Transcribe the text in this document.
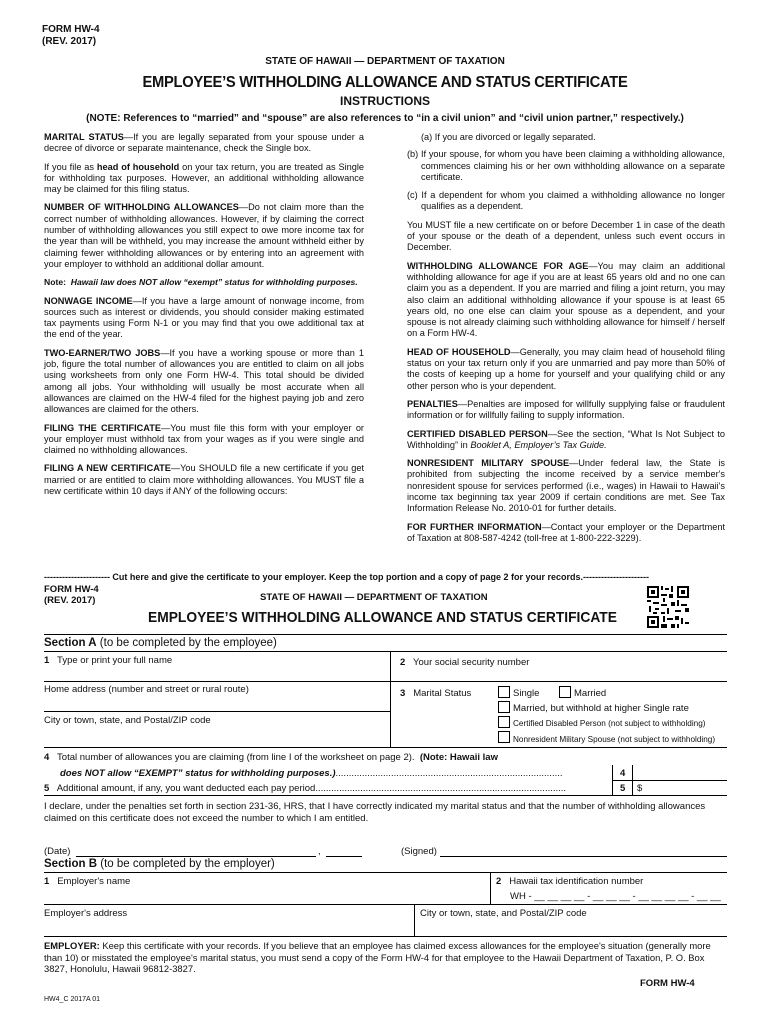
FORM HW-4
(REV. 2017)
STATE OF HAWAII — DEPARTMENT OF TAXATION
EMPLOYEE’S WITHHOLDING ALLOWANCE AND STATUS CERTIFICATE
INSTRUCTIONS
(NOTE: References to “married” and “spouse” are also references to “in a civil union” and “civil union partner,” respectively.)

MARITAL STATUS—If you are legally separated from your spouse under a decree of divorce or separate maintenance, check the Single box.

If you file as head of household on your tax return, you are treated as Single for withholding tax purposes. However, an additional withholding allowance may be claimed for this filing status.

NUMBER OF WITHHOLDING ALLOWANCES—Do not claim more than the correct number of withholding allowances. However, if by claiming the correct number of withholding allowances you still expect to owe more income tax for the year than will be withheld, you may increase the amount withheld either by claiming fewer withholding allowances or by entering into an agreement with your employer to withhold an additional dollar amount.

Note: Hawaii law does NOT allow “exempt” status for withholding purposes.

NONWAGE INCOME—If you have a large amount of nonwage income, from sources such as interest or dividends, you should consider making estimated tax payments using Form N-1 or you may find that you owe additional tax at the end of the year.

TWO-EARNER/TWO JOBS—If you have a working spouse or more than 1 job, figure the total number of allowances you are entitled to claim on all jobs using worksheets from only one Form HW-4. This total should be divided among all jobs. Your withholding will usually be most accurate when all allowances are claimed on the HW-4 filed for the highest paying job and zero allowances are claimed for the others.

FILING THE CERTIFICATE—You must file this form with your employer or your employer must withhold tax from your wages as if you were single and claimed no withholding allowances.

FILING A NEW CERTIFICATE—You SHOULD file a new certificate if you get married or are entitled to claim more withholding allowances. You MUST file a new certificate within 10 days if ANY of the following occurs:

(a) If you are divorced or legally separated.

(b) If your spouse, for whom you have been claiming a withholding allowance, commences claiming his or her own withholding allowance on a separate certificate.

(c) If a dependent for whom you claimed a withholding allowance no longer qualifies as a dependent.

You MUST file a new certificate on or before December 1 in case of the death of your spouse or the death of a dependent, unless such event occurs in December.

WITHHOLDING ALLOWANCE FOR AGE—You may claim an additional withholding allowance for age if you are at least 65 years old and no one can claim you as a dependent. If you are married and filing a joint return, you may also claim an additional withholding allowance if your spouse is at least 65 years old, no one else can claim your spouse as a dependent, and your spouse is not already claiming such withholding allowance for himself / herself on a Form HW-4.

HEAD OF HOUSEHOLD—Generally, you may claim head of household filing status on your tax return only if you are unmarried and pay more than 50% of the costs of keeping up a home for yourself and your qualifying child or any other person who is your dependent.

PENALTIES—Penalties are imposed for willfully supplying false or fraudulent information or for willfully failing to supply information.

CERTIFIED DISABLED PERSON—See the section, “What Is Not Subject to Withholding” in Booklet A, Employer’s Tax Guide.

NONRESIDENT MILITARY SPOUSE—Under federal law, the State is prohibited from subjecting the income received by a service member's nonresident spouse for services performed (i.e., wages) in Hawaii to Hawaii's income tax beginning tax year 2009 if certain conditions are met. See Tax Information Release No. 2010-01 for further details.

FOR FURTHER INFORMATION—Contact your employer or the Department of Taxation at 808-587-4242 (toll-free at 1-800-222-3229).

---------------------- Cut here and give the certificate to your employer. Keep the top portion and a copy of page 2 for your records.----------------------
FORM HW-4
(REV. 2017)	STATE OF HAWAII — DEPARTMENT OF TAXATION
EMPLOYEE’S WITHHOLDING ALLOWANCE AND STATUS CERTIFICATE
Section A (to be completed by the employee)
1 Type or print your full name	2 Your social security number
Home address (number and street or rural route)	3 Marital Status	Single	Married
Married, but withhold at higher Single rate
Certified Disabled Person (not subject to withholding)
Nonresident Military Spouse (not subject to withholding)
City or town, state, and Postal/ZIP code
4 Total number of allowances you are claiming (from line I of the worksheet on page 2). (Note: Hawaii law
does NOT allow “EXEMPT” status for withholding purposes.)......................................................................................	4
5 Additional amount, if any, you want deducted each pay period...............................................................................................	5 $
I declare, under the penalties set forth in section 231-36, HRS, that I have correctly indicated my marital status and that the number of withholding allowances claimed on this certificate does not exceed the number to which I am entitled.
(Date)	,	(Signed)
Section B (to be completed by the employer)
1 Employer's name	2 Hawaii tax identification number
WH - __ __ __ __ - __ __ __ - __ __ __ __ - __ __
Employer's address	City or town, state, and Postal/ZIP code
EMPLOYER: Keep this certificate with your records. If you believe that an employee has claimed excess allowances for the employee's situation (generally more than 10) or misstated the employee's marital status, you must send a copy of the Form HW-4 for that employee to the Hawaii Department of Taxation, P. O. Box 3827, Honolulu, Hawaii 96812-3827.
FORM HW-4
HW4_C 2017A 01
